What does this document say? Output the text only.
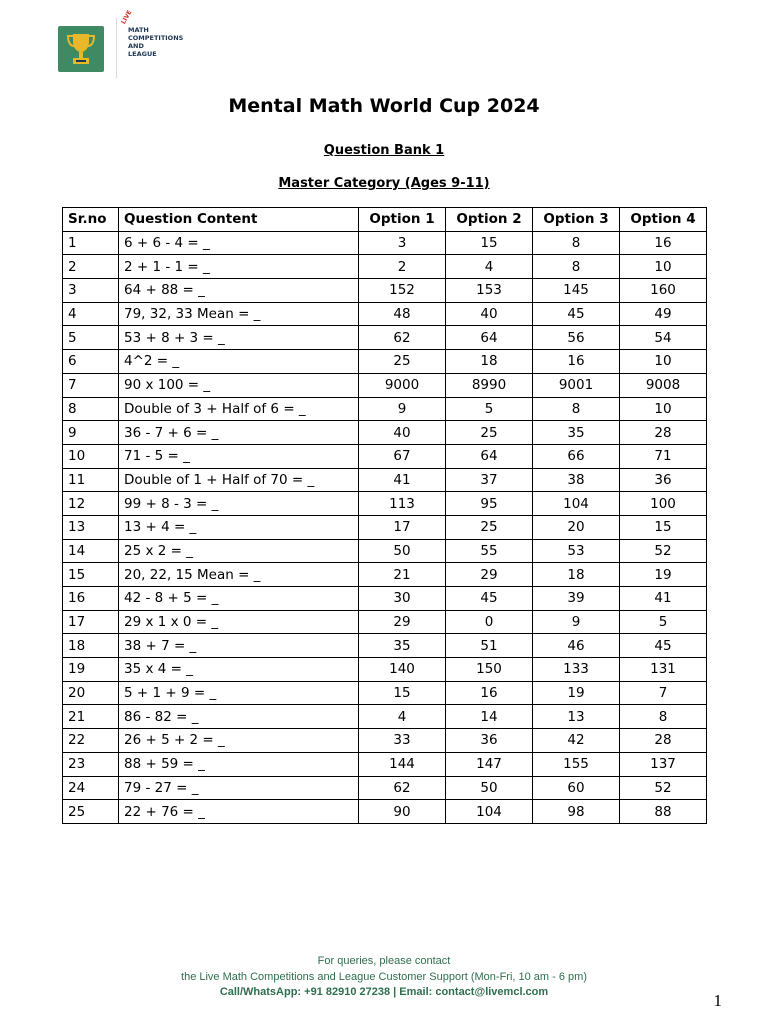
LIVE
MATH
COMPETITIONS
AND
LEAGUE
Mental Math World Cup 2024
Question Bank 1
Master Category (Ages 9-11)
Sr.no	Question Content	Option 1	Option 2	Option 3	Option 4
1	6 + 6 - 4 = _	3	15	8	16
2	2 + 1 - 1 = _	2	4	8	10
3	64 + 88 = _	152	153	145	160
4	79, 32, 33 Mean = _	48	40	45	49
5	53 + 8 + 3 = _	62	64	56	54
6	4^2 = _	25	18	16	10
7	90 x 100 = _	9000	8990	9001	9008
8	Double of 3 + Half of 6 = _	9	5	8	10
9	36 - 7 + 6 = _	40	25	35	28
10	71 - 5 = _	67	64	66	71
11	Double of 1 + Half of 70 = _	41	37	38	36
12	99 + 8 - 3 = _	113	95	104	100
13	13 + 4 = _	17	25	20	15
14	25 x 2 = _	50	55	53	52
15	20, 22, 15 Mean = _	21	29	18	19
16	42 - 8 + 5 = _	30	45	39	41
17	29 x 1 x 0 = _	29	0	9	5
18	38 + 7 = _	35	51	46	45
19	35 x 4 = _	140	150	133	131
20	5 + 1 + 9 = _	15	16	19	7
21	86 - 82 = _	4	14	13	8
22	26 + 5 + 2 = _	33	36	42	28
23	88 + 59 = _	144	147	155	137
24	79 - 27 = _	62	50	60	52
25	22 + 76 = _	90	104	98	88
For queries, please contact
the Live Math Competitions and League Customer Support (Mon-Fri, 10 am - 6 pm)
Call/WhatsApp: +91 82910 27238 | Email: contact@livemcl.com	1
